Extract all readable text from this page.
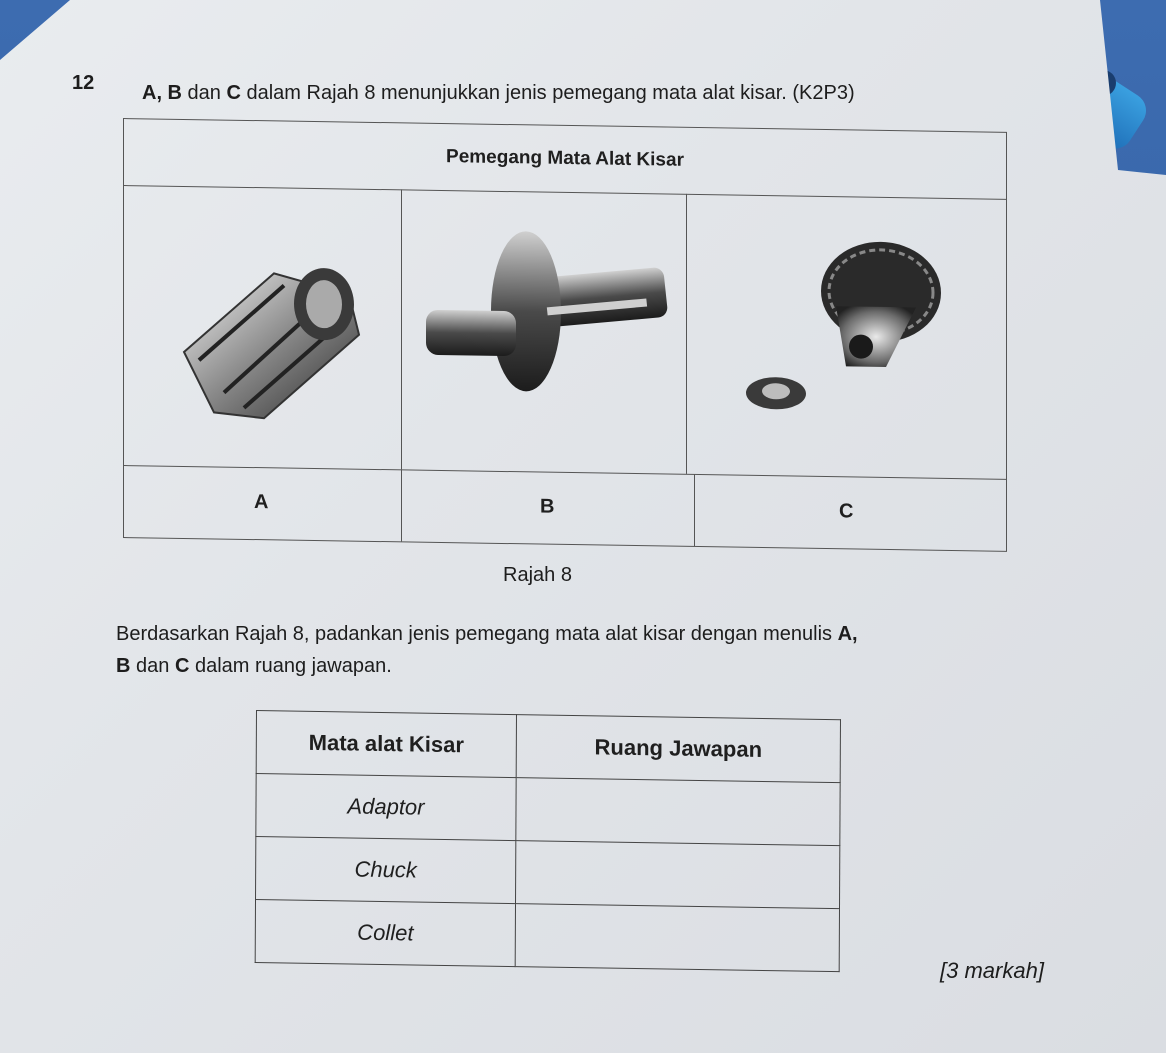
12 A, B dan C dalam Rajah 8 menunjukkan jenis pemegang mata alat kisar. (K2P3)
Pemegang Mata Alat Kisar
A	B	C
Rajah 8
Berdasarkan Rajah 8, padankan jenis pemegang mata alat kisar dengan menulis A,
B dan C dalam ruang jawapan.
Mata alat Kisar	Ruang Jawapan
Adaptor	
Chuck	
Collet	
[3 markah]
